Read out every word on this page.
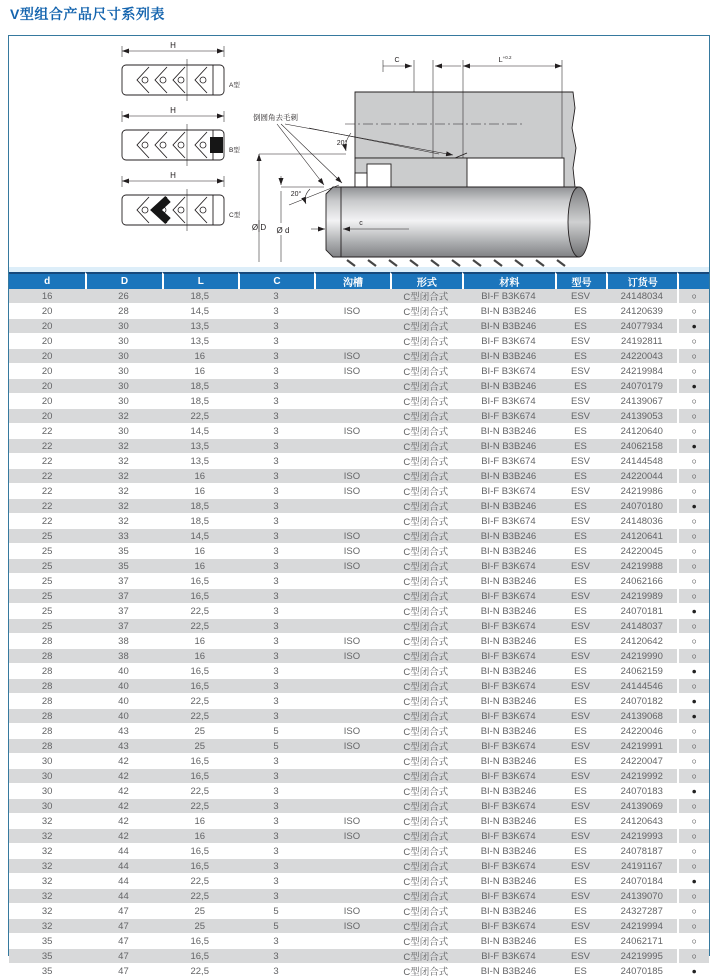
V型组合产品尺寸系列表
H
A型
H
B型
H
C型
C	$L^{+0.2}$
倒圆角去毛刺
20°
20°
Ø D Ø d
c
d	D	L	C	沟槽	形式	材料	型号	订货号	
16	26	18,5	3		C型闭合式	BI-F B3K674	ESV	24148034	○
20	28	14,5	3	ISO	C型闭合式	BI-N B3B246	ES	24120639	○
20	30	13,5	3		C型闭合式	BI-N B3B246	ES	24077934	●
20	30	13,5	3		C型闭合式	BI-F B3K674	ESV	24192811	○
20	30	16	3	ISO	C型闭合式	BI-N B3B246	ES	24220043	○
20	30	16	3	ISO	C型闭合式	BI-F B3K674	ESV	24219984	○
20	30	18,5	3		C型闭合式	BI-N B3B246	ES	24070179	●
20	30	18,5	3		C型闭合式	BI-F B3K674	ESV	24139067	○
20	32	22,5	3		C型闭合式	BI-F B3K674	ESV	24139053	○
22	30	14,5	3	ISO	C型闭合式	BI-N B3B246	ES	24120640	○
22	32	13,5	3		C型闭合式	BI-N B3B246	ES	24062158	●
22	32	13,5	3		C型闭合式	BI-F B3K674	ESV	24144548	○
22	32	16	3	ISO	C型闭合式	BI-N B3B246	ES	24220044	○
22	32	16	3	ISO	C型闭合式	BI-F B3K674	ESV	24219986	○
22	32	18,5	3		C型闭合式	BI-N B3B246	ES	24070180	●
22	32	18,5	3		C型闭合式	BI-F B3K674	ESV	24148036	○
25	33	14,5	3	ISO	C型闭合式	BI-N B3B246	ES	24120641	○
25	35	16	3	ISO	C型闭合式	BI-N B3B246	ES	24220045	○
25	35	16	3	ISO	C型闭合式	BI-F B3K674	ESV	24219988	○
25	37	16,5	3		C型闭合式	BI-N B3B246	ES	24062166	○
25	37	16,5	3		C型闭合式	BI-F B3K674	ESV	24219989	○
25	37	22,5	3		C型闭合式	BI-N B3B246	ES	24070181	●
25	37	22,5	3		C型闭合式	BI-F B3K674	ESV	24148037	○
28	38	16	3	ISO	C型闭合式	BI-N B3B246	ES	24120642	○
28	38	16	3	ISO	C型闭合式	BI-F B3K674	ESV	24219990	○
28	40	16,5	3		C型闭合式	BI-N B3B246	ES	24062159	●
28	40	16,5	3		C型闭合式	BI-F B3K674	ESV	24144546	○
28	40	22,5	3		C型闭合式	BI-N B3B246	ES	24070182	●
28	40	22,5	3		C型闭合式	BI-F B3K674	ESV	24139068	●
28	43	25	5	ISO	C型闭合式	BI-N B3B246	ES	24220046	○
28	43	25	5	ISO	C型闭合式	BI-F B3K674	ESV	24219991	○
30	42	16,5	3		C型闭合式	BI-N B3B246	ES	24220047	○
30	42	16,5	3		C型闭合式	BI-F B3K674	ESV	24219992	○
30	42	22,5	3		C型闭合式	BI-N B3B246	ES	24070183	●
30	42	22,5	3		C型闭合式	BI-F B3K674	ESV	24139069	○
32	42	16	3	ISO	C型闭合式	BI-N B3B246	ES	24120643	○
32	42	16	3	ISO	C型闭合式	BI-F B3K674	ESV	24219993	○
32	44	16,5	3		C型闭合式	BI-N B3B246	ES	24078187	○
32	44	16,5	3		C型闭合式	BI-F B3K674	ESV	24191167	○
32	44	22,5	3		C型闭合式	BI-N B3B246	ES	24070184	●
32	44	22,5	3		C型闭合式	BI-F B3K674	ESV	24139070	○
32	47	25	5	ISO	C型闭合式	BI-N B3B246	ES	24327287	○
32	47	25	5	ISO	C型闭合式	BI-F B3K674	ESV	24219994	○
35	47	16,5	3		C型闭合式	BI-N B3B246	ES	24062171	○
35	47	16,5	3		C型闭合式	BI-F B3K674	ESV	24219995	○
35	47	22,5	3		C型闭合式	BI-N B3B246	ES	24070185	●
